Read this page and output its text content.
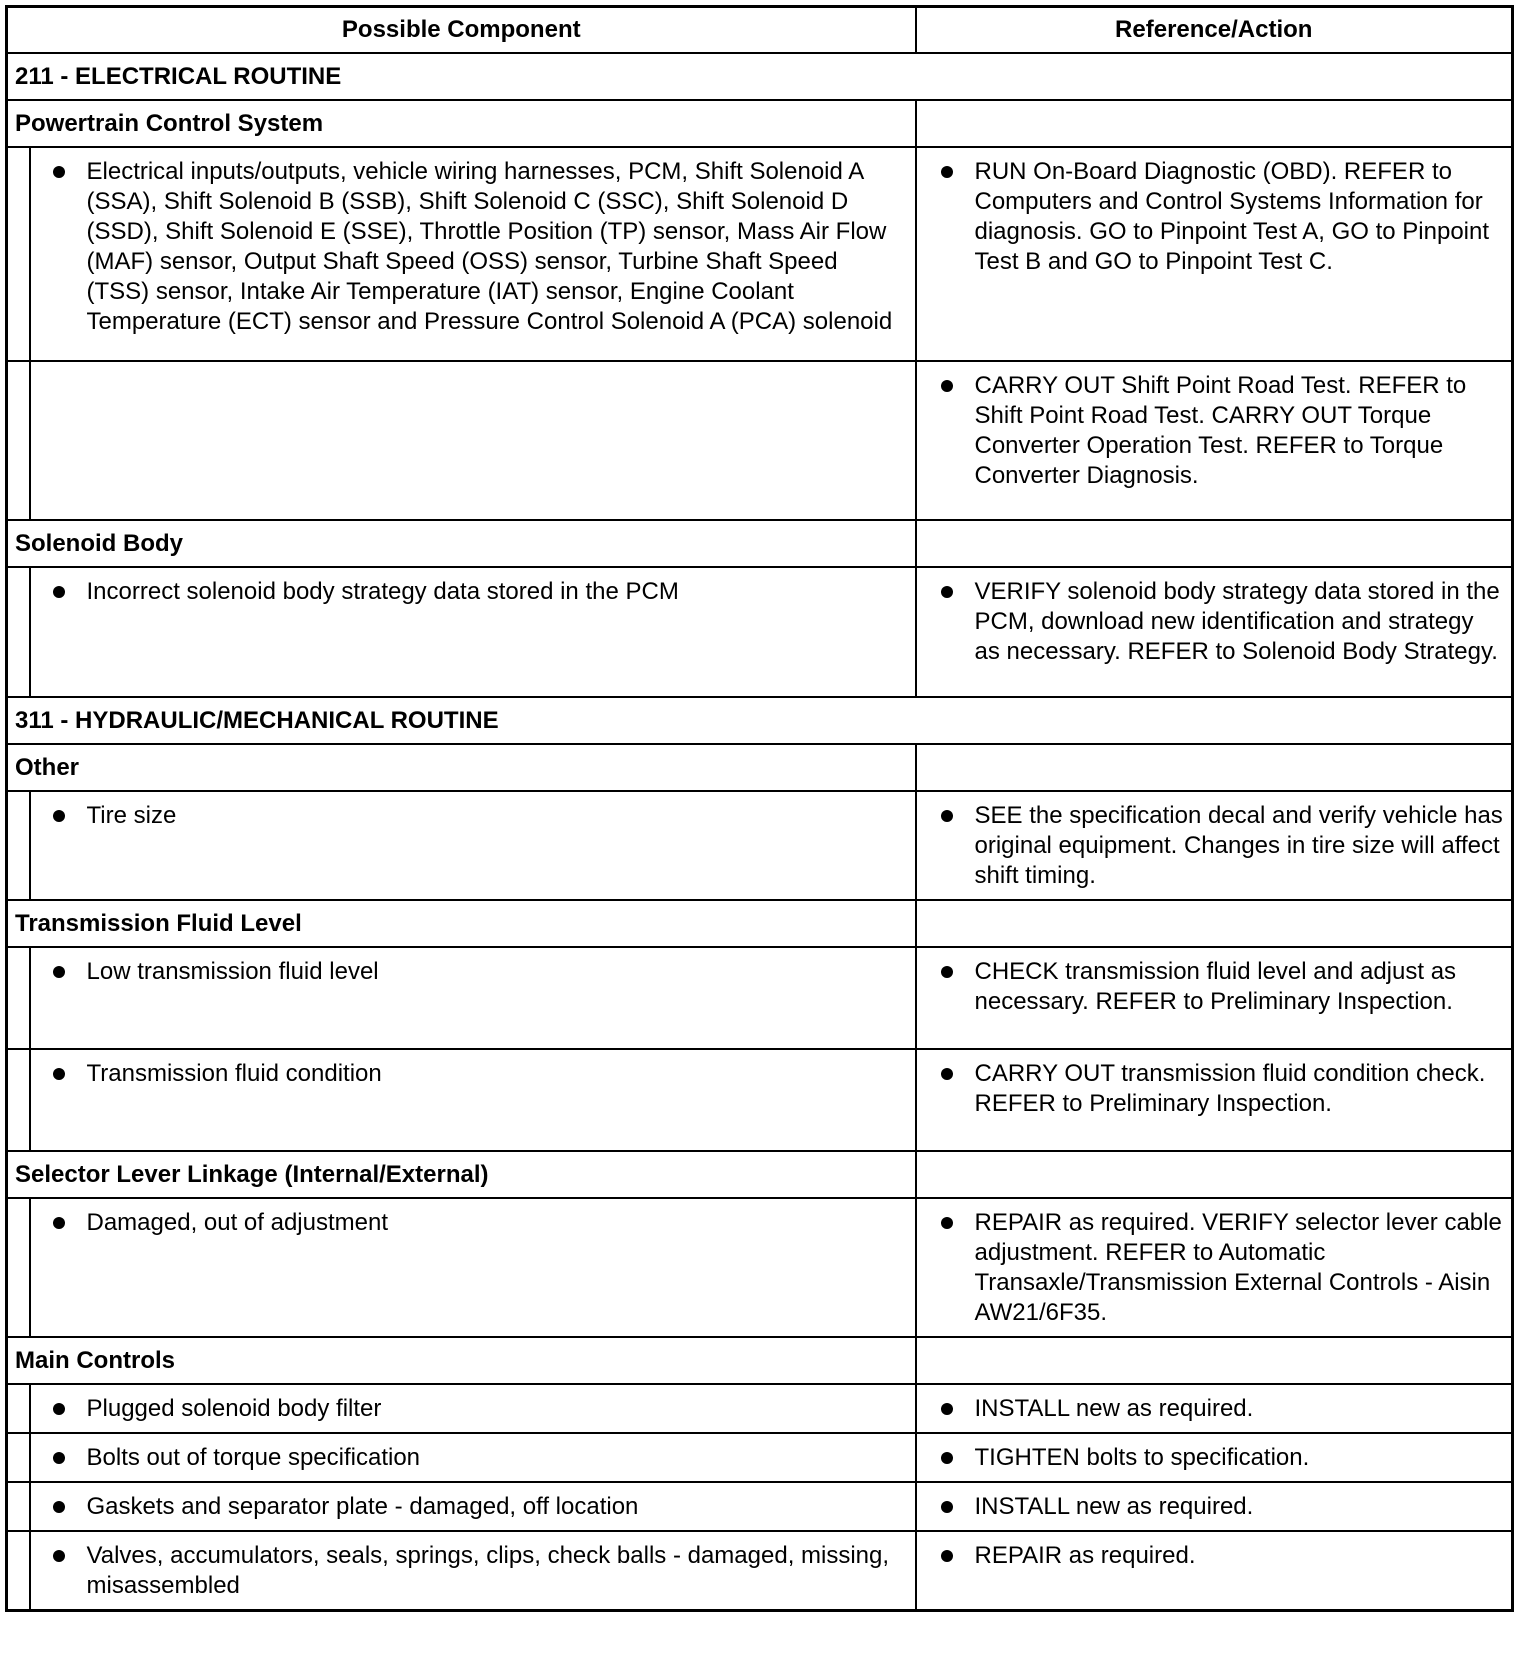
Possible Component		Reference/Action
211 - ELECTRICAL ROUTINE		
Powertrain Control System		

	Electrical inputs/outputs, vehicle wiring harnesses, PCM, Shift Solenoid A (SSA), Shift Solenoid B (SSB), Shift Solenoid C (SSC), Shift Solenoid D (SSD), Shift Solenoid E (SSE), Throttle Position (TP) sensor, Mass Air Flow (MAF) sensor, Output Shaft Speed (OSS) sensor, Turbine Shaft Speed (TSS) sensor, Intake Air Temperature (IAT) sensor, Engine Coolant Temperature (ECT) sensor and Pressure Control Solenoid A (PCA) solenoid	RUN On-Board Diagnostic (OBD). REFER to Computers and Control Systems Information for diagnosis. GO to Pinpoint Test A, GO to Pinpoint Test B and GO to Pinpoint Test C.

		CARRY OUT Shift Point Road Test. REFER to Shift Point Road Test. CARRY OUT Torque Converter Operation Test. REFER to Torque Converter Diagnosis.

Solenoid Body		

	Incorrect solenoid body strategy data stored in the PCM	VERIFY solenoid body strategy data stored in the PCM, download new identification and strategy as necessary. REFER to Solenoid Body Strategy.

311 - HYDRAULIC/MECHANICAL ROUTINE		
Other		

	Tire size	SEE the specification decal and verify vehicle has original equipment. Changes in tire size will affect shift timing.

Transmission Fluid Level		

	Low transmission fluid level	CHECK transmission fluid level and adjust as necessary. REFER to Preliminary Inspection.

	Transmission fluid condition	CARRY OUT transmission fluid condition check. REFER to Preliminary Inspection.

Selector Lever Linkage (Internal/External)		

	Damaged, out of adjustment	REPAIR as required. VERIFY selector lever cable adjustment. REFER to Automatic Transaxle/Transmission External Controls - Aisin AW21/6F35.

Main Controls		

	Plugged solenoid body filter	INSTALL new as required.

	Bolts out of torque specification	TIGHTEN bolts to specification.

	Gaskets and separator plate - damaged, off location	INSTALL new as required.

	Valves, accumulators, seals, springs, clips, check balls - damaged, missing, misassembled	REPAIR as required.
